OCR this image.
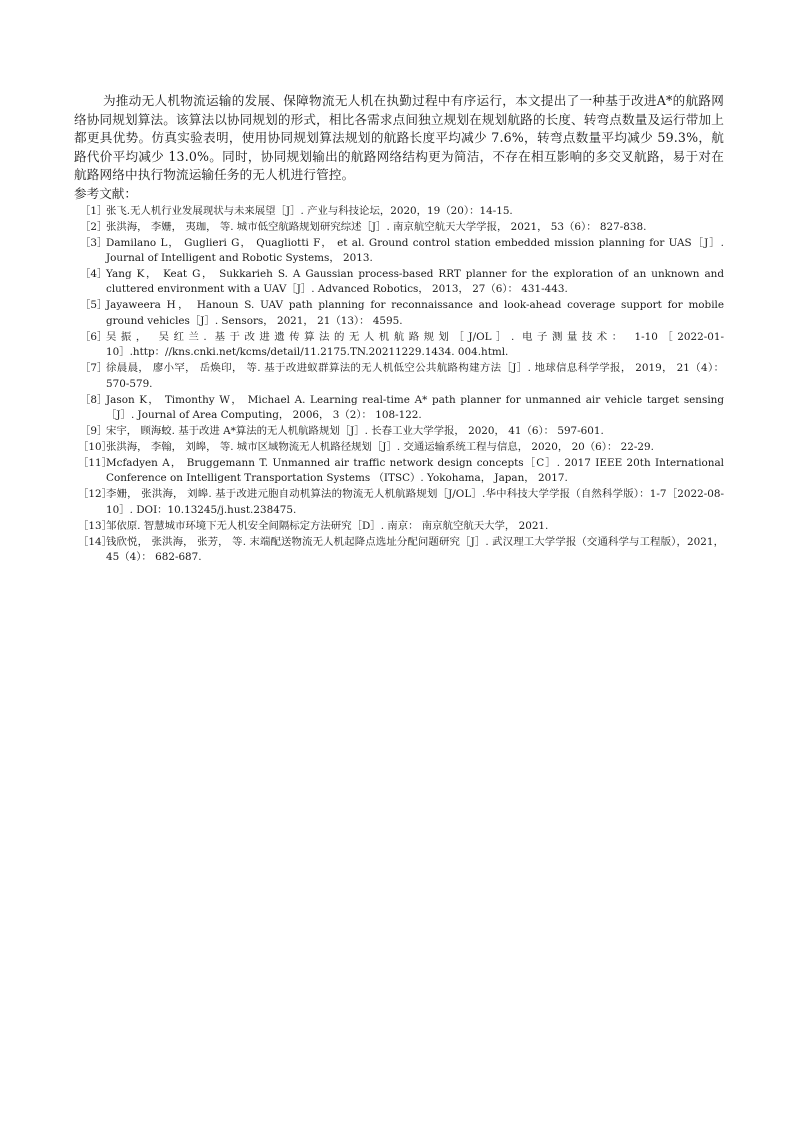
为推动无人机物流运输的发展、保障物流无人机在执勤过程中有序运行，本文提出了一种基于改进A*的航路网络协同规划算法。该算法以协同规划的形式，相比各需求点间独立规划在规划航路的长度、转弯点数量及运行带加上都更具优势。仿真实验表明，使用协同规划算法规划的航路长度平均减少 7.6%，转弯点数量平均减少 59.3%，航路代价平均减少 13.0%。同时，协同规划输出的航路网络结构更为简洁，不存在相互影响的多交叉航路，易于对在航路网络中执行物流运输任务的无人机进行管控。

参考文献：
［1］
张飞.无人机行业发展现状与未来展望［J］. 产业与科技论坛，2020，19（20）：14-15.
［2］
张洪海， 李姗， 夷珈， 等. 城市低空航路规划研究综述［J］. 南京航空航天大学学报， 2021， 53（6）： 827-838.
［3］
Damilano L， Guglieri G， Quagliotti F， et al. Ground control station embedded mission planning for UAS［J］. Journal of Intelligent and Robotic Systems， 2013.
［4］
Yang K， Keat G， Sukkarieh S. A Gaussian process-based RRT planner for the exploration of an unknown and cluttered environment with a UAV［J］. Advanced Robotics， 2013， 27（6）： 431-443.
［5］
Jayaweera H， Hanoun S. UAV path planning for reconnaissance and look-ahead coverage support for mobile ground vehicles［J］. Sensors， 2021， 21（13）： 4595.
［6］
吴振， 吴红兰. 基于改进遗传算法的无人机航路规划［J/OL］. 电子测量技术： 1-10［2022-01-10］.http：//kns.cnki.net/kcms/detail/11.2175.TN.20211229.1434. 004.html.
［7］
徐晨晨， 廖小罕， 岳焕印， 等. 基于改进蚁群算法的无人机低空公共航路构建方法［J］. 地球信息科学学报， 2019， 21（4）： 570-579.
［8］
Jason K， Timonthy W， Michael A. Learning real-time A* path planner for unmanned air vehicle target sensing［J］. Journal of Area Computing， 2006， 3（2）： 108-122.
［9］
宋宇， 顾海蛟. 基于改进 A*算法的无人机航路规划［J］. 长春工业大学学报， 2020， 41（6）： 597-601.
［10］
张洪海， 李翰， 刘皞， 等. 城市区域物流无人机路径规划［J］. 交通运输系统工程与信息， 2020， 20（6）： 22-29.
［11］
Mcfadyen A， Bruggemann T. Unmanned air traffic network design concepts［C］. 2017 IEEE 20th International Conference on Intelligent Transportation Systems （ITSC）. Yokohama， Japan， 2017.
［12］
李姗， 张洪海， 刘皞. 基于改进元胞自动机算法的物流无人机航路规划［J/OL］.华中科技大学学报（自然科学版）：1-7［2022-08-10］. DOI：10.13245/j.hust.238475.
［13］
邹依原. 智慧城市环境下无人机安全间隔标定方法研究［D］. 南京： 南京航空航天大学， 2021.
［14］
钱欣悦， 张洪海， 张芳， 等. 末端配送物流无人机起降点选址分配问题研究［J］. 武汉理工大学学报（交通科学与工程版），2021， 45（4）： 682-687.
